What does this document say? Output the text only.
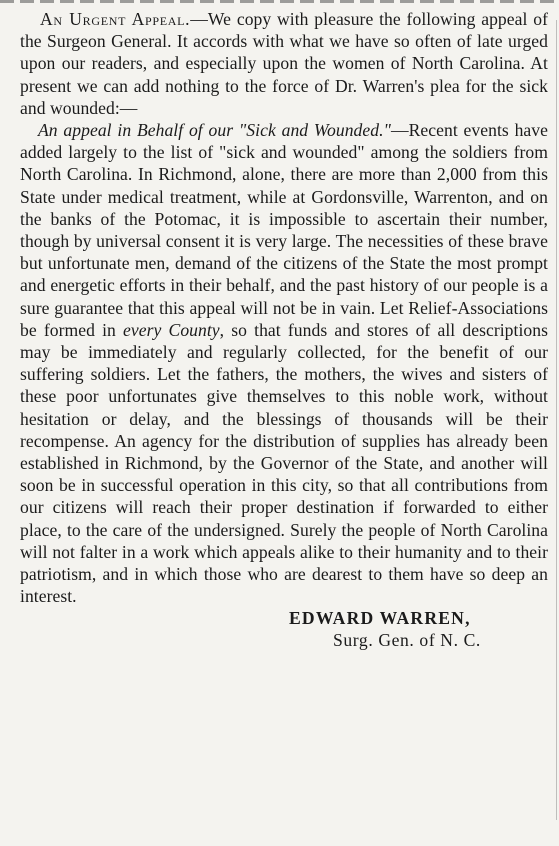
An Urgent Appeal.—We copy with pleasure the following appeal of the Surgeon General. It accords with what we have so often of late urged upon our readers, and especially upon the women of North Carolina. At present we can add nothing to the force of Dr. Warren's plea for the sick and wounded:—

An appeal in Behalf of our "Sick and Wounded."—Recent events have added largely to the list of "sick and wounded" among the soldiers from North Carolina. In Richmond, alone, there are more than 2,000 from this State under medical treatment, while at Gordonsville, Warrenton, and on the banks of the Potomac, it is impossible to ascertain their number, though by universal consent it is very large. The necessities of these brave but unfortunate men, demand of the citizens of the State the most prompt and energetic efforts in their behalf, and the past history of our people is a sure guarantee that this appeal will not be in vain. Let Relief-Associations be formed in every County, so that funds and stores of all descriptions may be immediately and regularly collected, for the benefit of our suffering soldiers. Let the fathers, the mothers, the wives and sisters of these poor unfortunates give themselves to this noble work, without hesitation or delay, and the blessings of thousands will be their recompense. An agency for the distribution of supplies has already been established in Richmond, by the Governor of the State, and another will soon be in successful operation in this city, so that all contributions from our citizens will reach their proper destination if forwarded to either place, to the care of the undersigned. Surely the people of North Carolina will not falter in a work which appeals alike to their humanity and to their patriotism, and in which those who are dearest to them have so deep an interest.

EDWARD WARREN,

Surg. Gen. of N. C.
